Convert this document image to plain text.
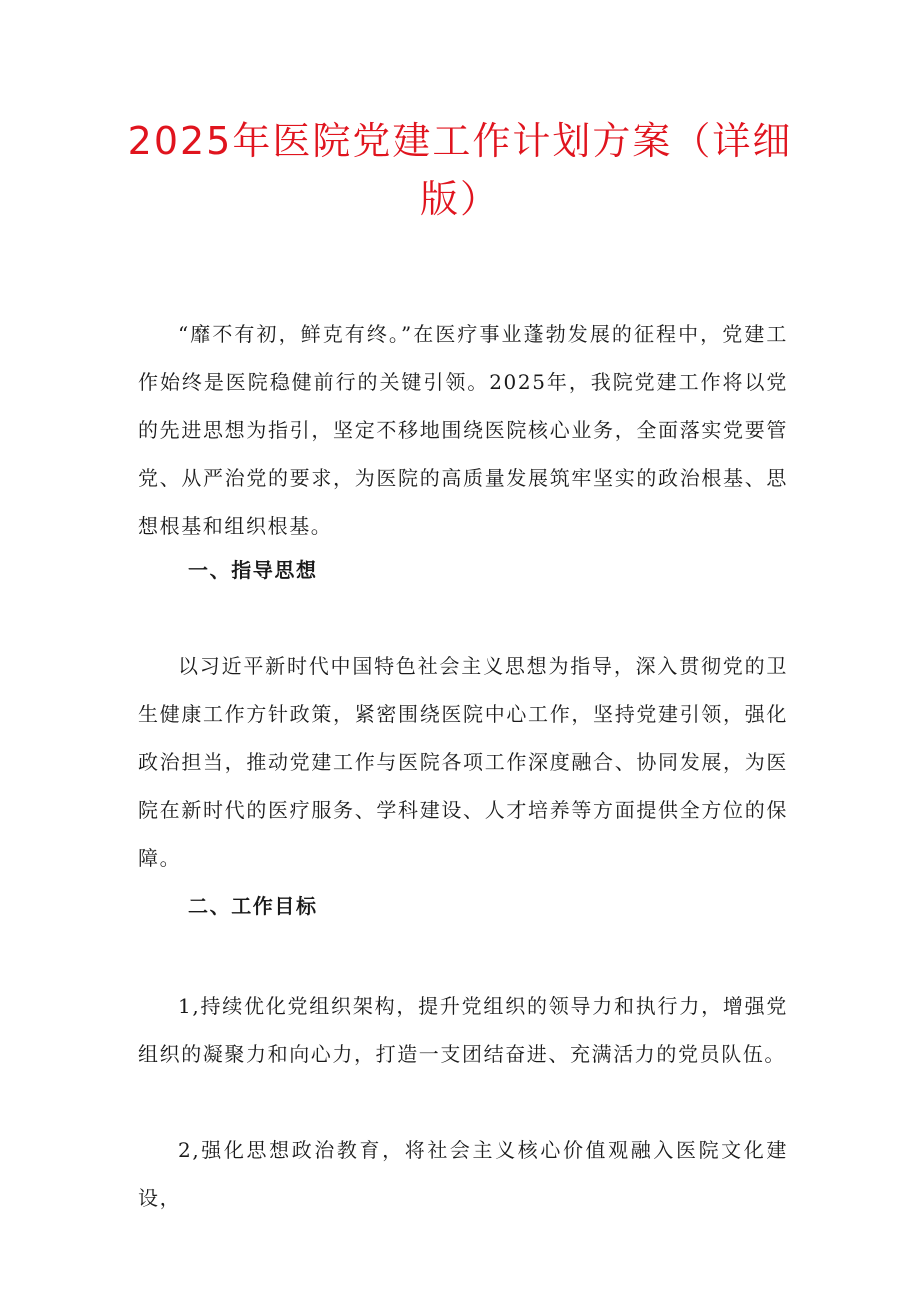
2025年医院党建工作计划方案（详细版）

“靡不有初，鲜克有终。”在医疗事业蓬勃发展的征程中，党建工作始终是医院稳健前行的关键引领。2025年，我院党建工作将以党的先进思想为指引，坚定不移地围绕医院核心业务，全面落实党要管党、从严治党的要求，为医院的高质量发展筑牢坚实的政治根基、思想根基和组织根基。

一、指导思想

以习近平新时代中国特色社会主义思想为指导，深入贯彻党的卫生健康工作方针政策，紧密围绕医院中心工作，坚持党建引领，强化政治担当，推动党建工作与医院各项工作深度融合、协同发展，为医院在新时代的医疗服务、学科建设、人才培养等方面提供全方位的保障。

二、工作目标

1,持续优化党组织架构，提升党组织的领导力和执行力，增强党组织的凝聚力和向心力，打造一支团结奋进、充满活力的党员队伍。

2,强化思想政治教育，将社会主义核心价值观融入医院文化建设，
